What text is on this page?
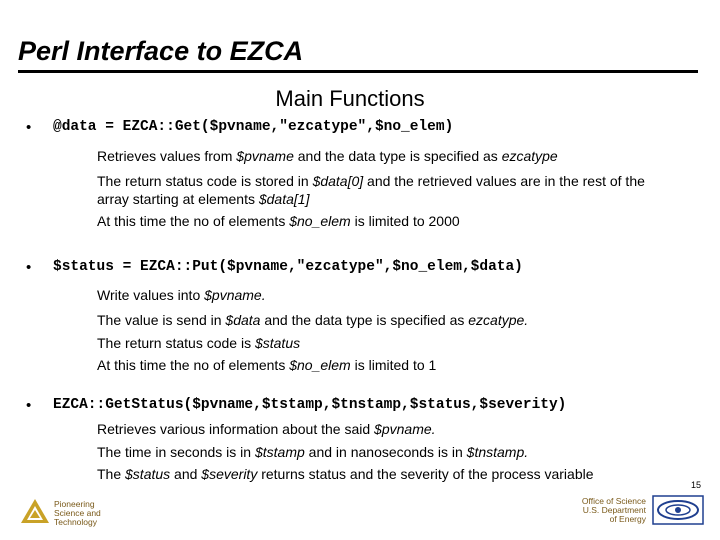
Perl Interface to EZCA
Main Functions
• @data = EZCA::Get($pvname,"ezcatype",$no_elem)
Retrieves values from $pvname and the data type is specified as ezcatype
The return status code is stored in $data[0] and the retrieved values are in the rest of the array starting at elements $data[1]
At this time the no of elements $no_elem is limited to 2000
• $status = EZCA::Put($pvname,"ezcatype",$no_elem,$data)
Write values into $pvname.
The value is send in $data and the data type is specified as ezcatype.
The return status code is $status
At this time the no of elements $no_elem is limited to 1
• EZCA::GetStatus($pvname,$tstamp,$tnstamp,$status,$severity)
Retrieves various information about the said $pvname.
The time in seconds is in $tstamp and in nanoseconds is in $tnstamp.
The $status and $severity returns status and the severity of the process variable
15
Pioneering
Science and
Technology
Office of Science
U.S. Department
of Energy
